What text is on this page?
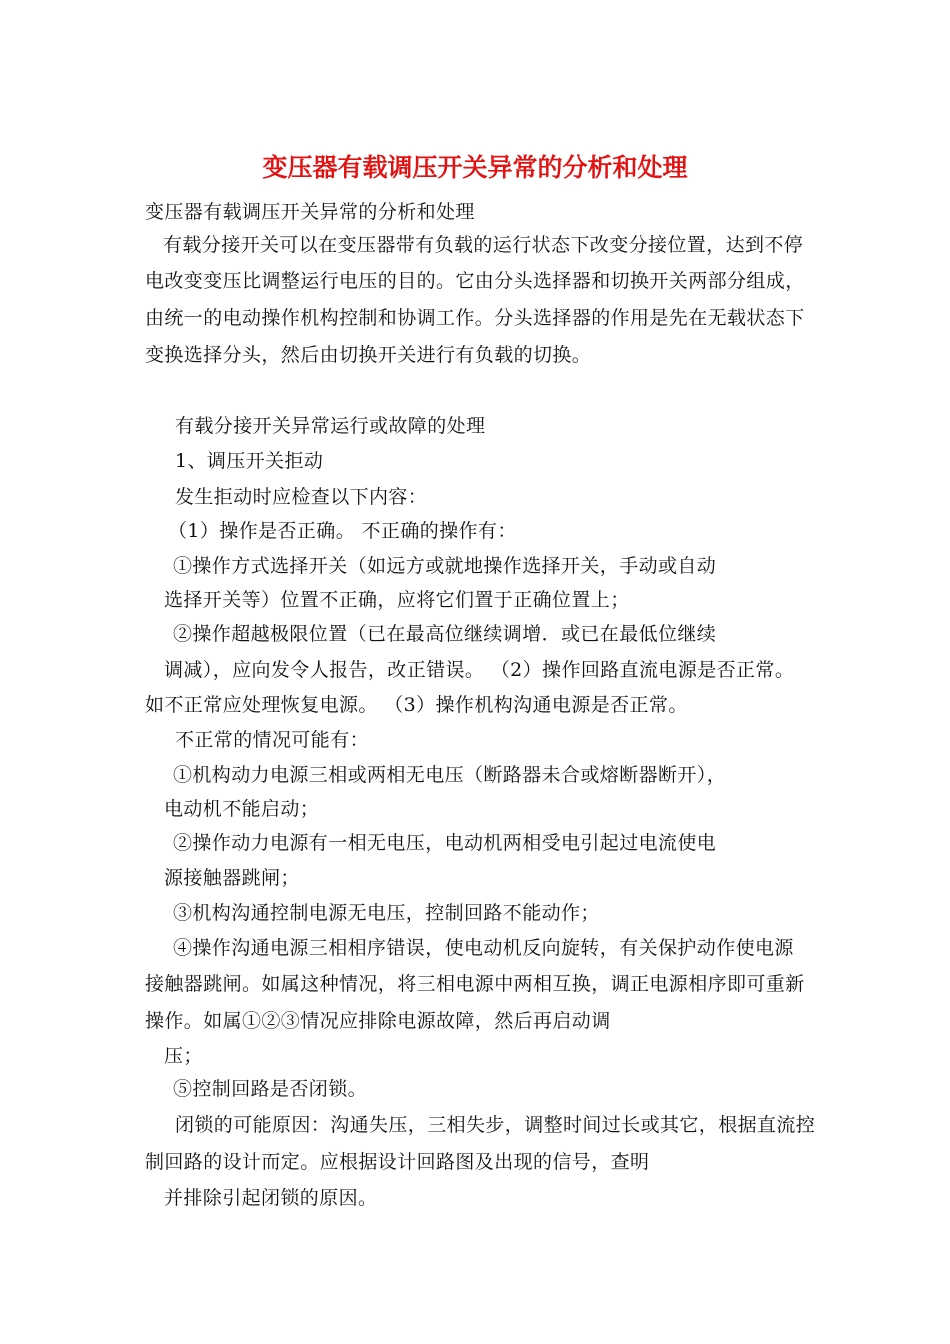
变压器有载调压开关异常的分析和处理
变压器有载调压开关异常的分析和处理
有载分接开关可以在变压器带有负载的运行状态下改变分接位置，达到不停
电改变变压比调整运行电压的目的。它由分头选择器和切换开关两部分组成，
由统一的电动操作机构控制和协调工作。分头选择器的作用是先在无载状态下
变换选择分头，然后由切换开关进行有负载的切换。
有载分接开关异常运行或故障的处理
1、调压开关拒动
发生拒动时应检查以下内容：
（1）操作是否正确。 不正确的操作有：
①操作方式选择开关（如远方或就地操作选择开关，手动或自动
选择开关等）位置不正确，应将它们置于正确位置上；
②操作超越极限位置（已在最高位继续调增．或已在最低位继续
调减），应向发令人报告，改正错误。 （2）操作回路直流电源是否正常。
如不正常应处理恢复电源。 （3）操作机构沟通电源是否正常。
不正常的情况可能有：
①机构动力电源三相或两相无电压（断路器未合或熔断器断开），
电动机不能启动；
②操作动力电源有一相无电压，电动机两相受电引起过电流使电
源接触器跳闸；
③机构沟通控制电源无电压，控制回路不能动作；
④操作沟通电源三相相序错误，使电动机反向旋转，有关保护动作使电源
接触器跳闸。如属这种情况，将三相电源中两相互换，调正电源相序即可重新
操作。如属①②③情况应排除电源故障，然后再启动调
压；
⑤控制回路是否闭锁。
闭锁的可能原因：沟通失压，三相失步，调整时间过长或其它，根据直流控
制回路的设计而定。应根据设计回路图及出现的信号，查明
并排除引起闭锁的原因。
